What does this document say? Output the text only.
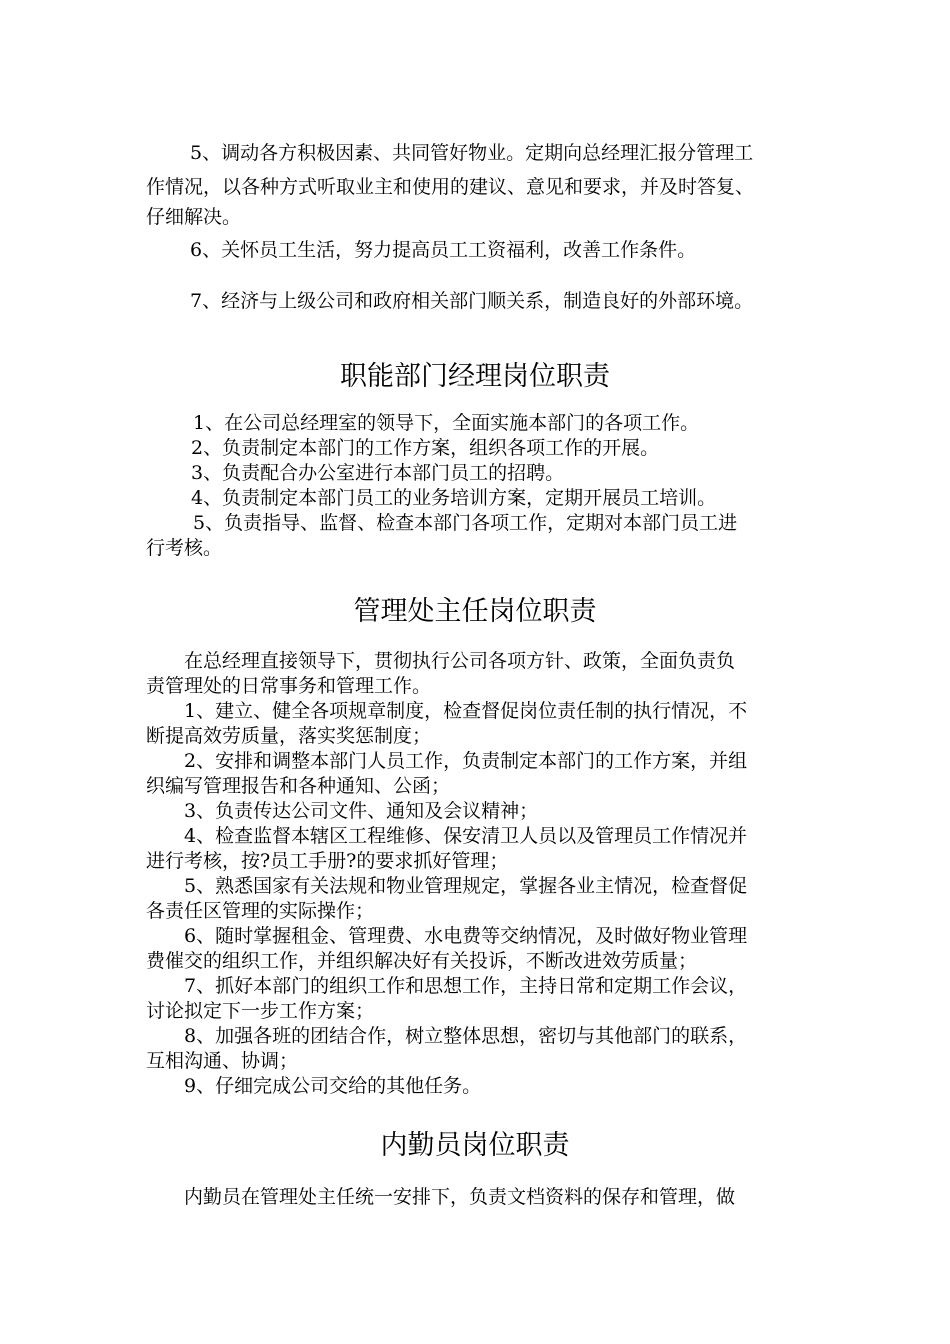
5、调动各方积极因素、共同管好物业。定期向总经理汇报分管理工
作情况，以各种方式听取业主和使用的建议、意见和要求，并及时答复、
仔细解决。
6、关怀员工生活，努力提高员工工资福利，改善工作条件。
7、经济与上级公司和政府相关部门顺关系，制造良好的外部环境。
职能部门经理岗位职责
1、在公司总经理室的领导下，全面实施本部门的各项工作。
2、负责制定本部门的工作方案，组织各项工作的开展。
3、负责配合办公室进行本部门员工的招聘。
4、负责制定本部门员工的业务培训方案，定期开展员工培训。
5、负责指导、监督、检查本部门各项工作，定期对本部门员工进
行考核。
管理处主任岗位职责
在总经理直接领导下，贯彻执行公司各项方针、政策，全面负责负
责管理处的日常事务和管理工作。
1、建立、健全各项规章制度，检查督促岗位责任制的执行情况，不
断提高效劳质量，落实奖惩制度；
2、安排和调整本部门人员工作，负责制定本部门的工作方案，并组
织编写管理报告和各种通知、公函；
3、负责传达公司文件、通知及会议精神；
4、检查监督本辖区工程维修、保安清卫人员以及管理员工作情况并
进行考核，按?员工手册?的要求抓好管理；
5、熟悉国家有关法规和物业管理规定，掌握各业主情况，检查督促
各责任区管理的实际操作；
6、随时掌握租金、管理费、水电费等交纳情况，及时做好物业管理
费催交的组织工作，并组织解决好有关投诉，不断改进效劳质量；
7、抓好本部门的组织工作和思想工作，主持日常和定期工作会议，
讨论拟定下一步工作方案；
8、加强各班的团结合作，树立整体思想，密切与其他部门的联系，
互相沟通、协调；
9、仔细完成公司交给的其他任务。
内勤员岗位职责
内勤员在管理处主任统一安排下，负责文档资料的保存和管理，做
